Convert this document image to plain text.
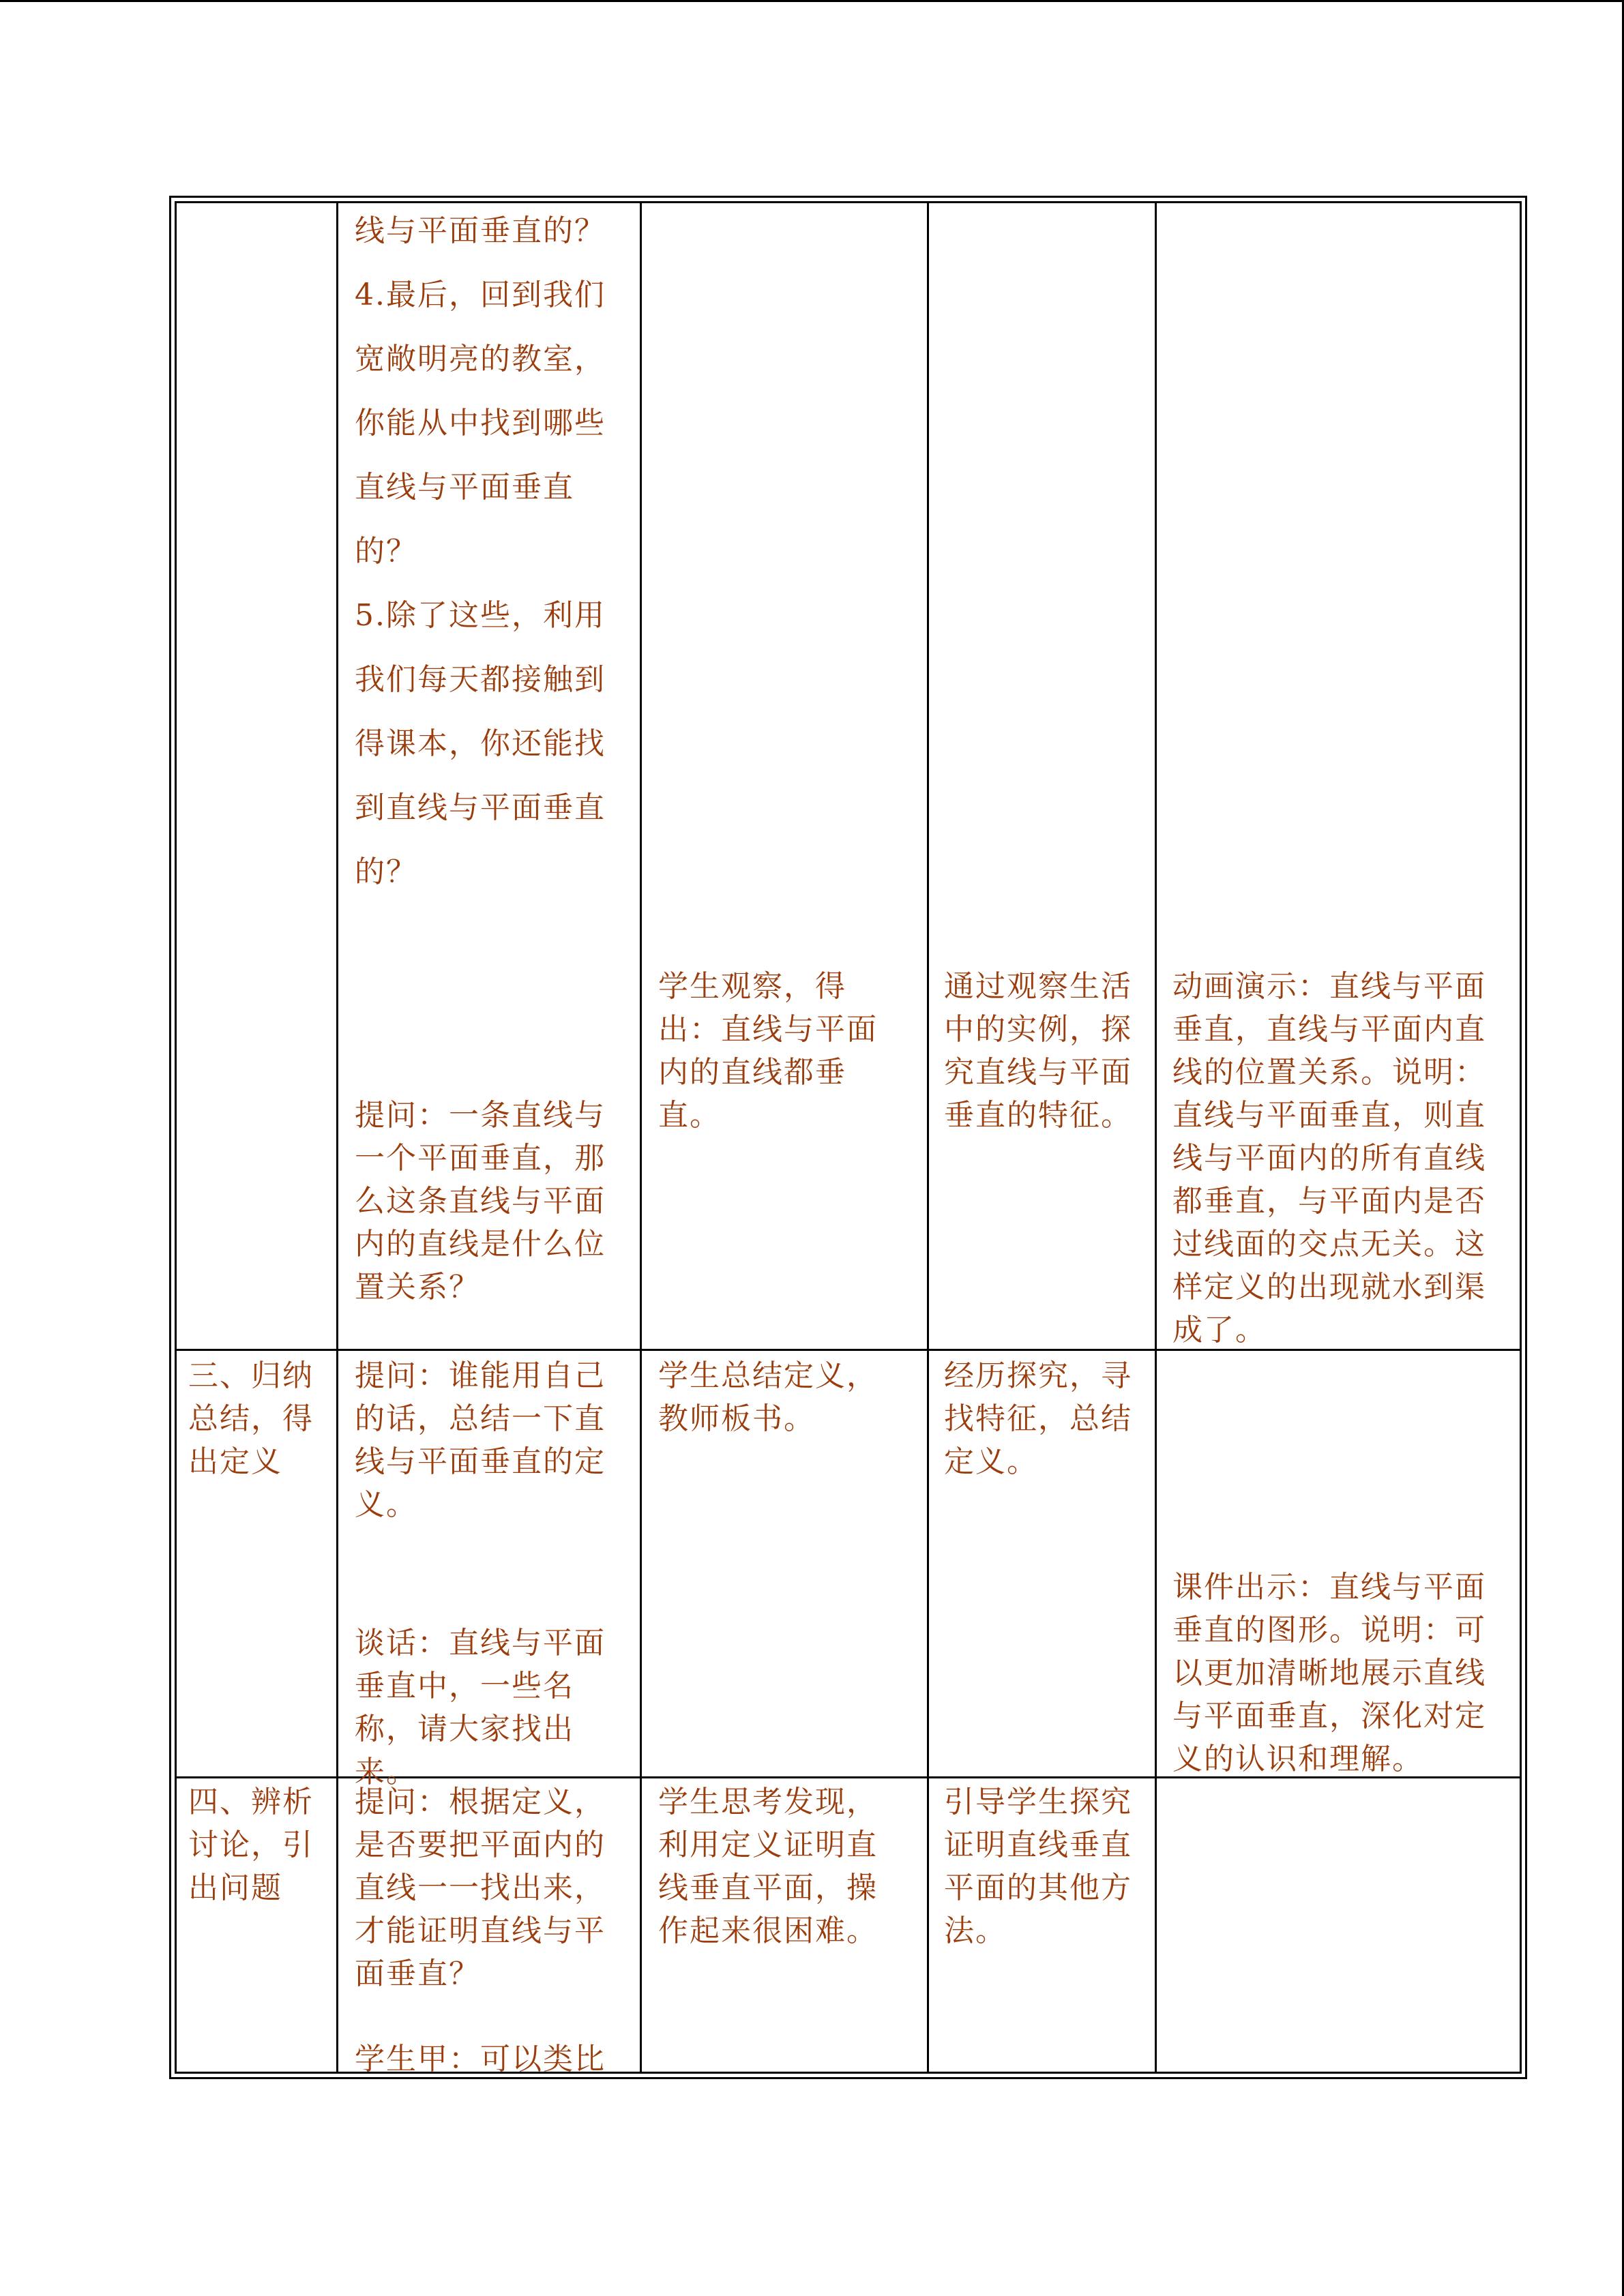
线与平面垂直的？
4.最后，回到我们
宽敞明亮的教室，
你能从中找到哪些
直线与平面垂直
的？
5.除了这些，利用
我们每天都接触到
得课本，你还能找
到直线与平面垂直
的？
提问：一条直线与
一个平面垂直，那
么这条直线与平面
内的直线是什么位
置关系？
学生观察，得
出：直线与平面
内的直线都垂
直。
通过观察生活
中的实例，探
究直线与平面
垂直的特征。
动画演示：直线与平面
垂直，直线与平面内直
线的位置关系。说明：
直线与平面垂直，则直
线与平面内的所有直线
都垂直，与平面内是否
过线面的交点无关。这
样定义的出现就水到渠
成了。
三、归纳
总结，得
出定义
提问：谁能用自己
的话，总结一下直
线与平面垂直的定
义。
谈话：直线与平面
垂直中，一些名
称，请大家找出
来。
学生总结定义，
教师板书。
经历探究，寻
找特征，总结
定义。
课件出示：直线与平面
垂直的图形。说明：可
以更加清晰地展示直线
与平面垂直，深化对定
义的认识和理解。
四、辨析
讨论，引
出问题
提问：根据定义，
是否要把平面内的
直线一一找出来，
才能证明直线与平
面垂直？
学生甲：可以类比
学生思考发现，
利用定义证明直
线垂直平面，操
作起来很困难。
引导学生探究
证明直线垂直
平面的其他方
法。
